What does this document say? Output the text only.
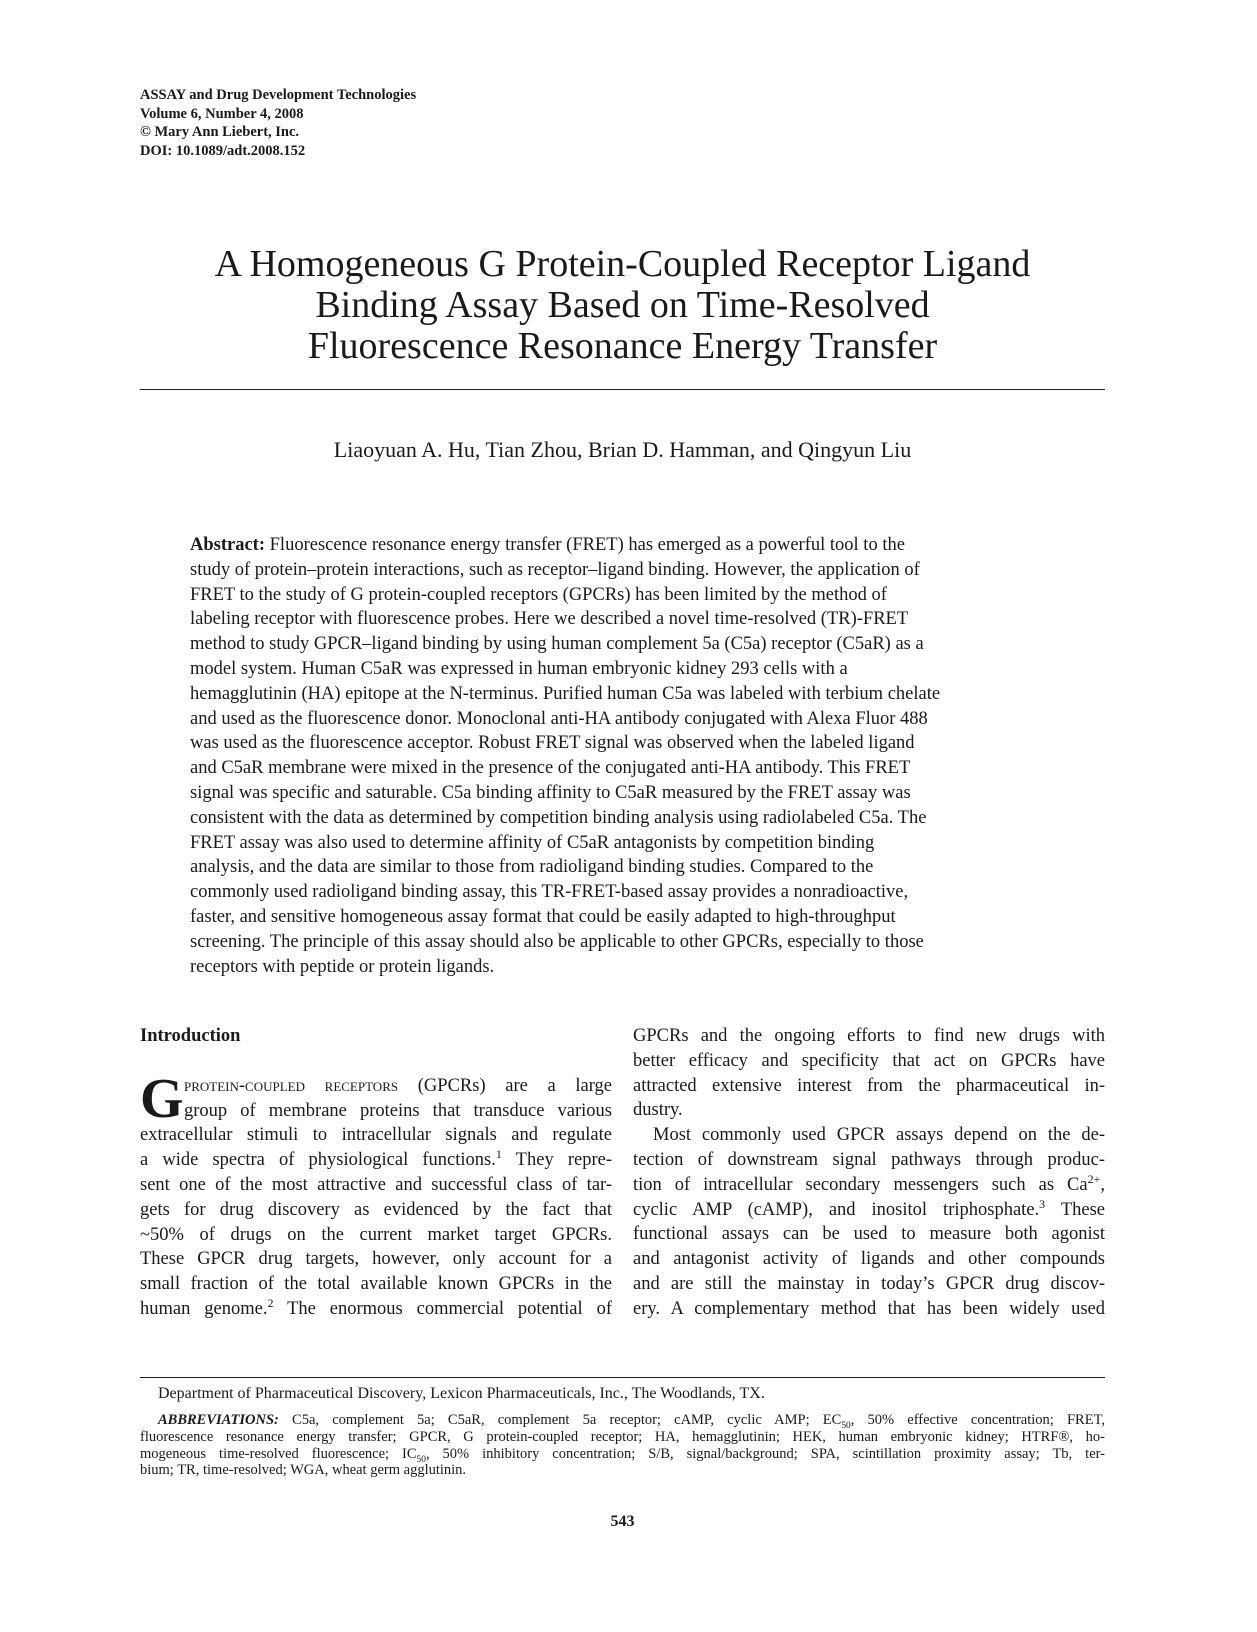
ASSAY and Drug Development Technologies
Volume 6, Number 4, 2008
© Mary Ann Liebert, Inc.
DOI: 10.1089/adt.2008.152
A Homogeneous G Protein-Coupled Receptor Ligand
Binding Assay Based on Time-Resolved
Fluorescence Resonance Energy Transfer
Liaoyuan A. Hu, Tian Zhou, Brian D. Hamman, and Qingyun Liu
Abstract: Fluorescence resonance energy transfer (FRET) has emerged as a powerful tool to the
study of protein–protein interactions, such as receptor–ligand binding. However, the application of
FRET to the study of G protein-coupled receptors (GPCRs) has been limited by the method of
labeling receptor with fluorescence probes. Here we described a novel time-resolved (TR)-FRET
method to study GPCR–ligand binding by using human complement 5a (C5a) receptor (C5aR) as a
model system. Human C5aR was expressed in human embryonic kidney 293 cells with a
hemagglutinin (HA) epitope at the N-terminus. Purified human C5a was labeled with terbium chelate
and used as the fluorescence donor. Monoclonal anti-HA antibody conjugated with Alexa Fluor 488
was used as the fluorescence acceptor. Robust FRET signal was observed when the labeled ligand
and C5aR membrane were mixed in the presence of the conjugated anti-HA antibody. This FRET
signal was specific and saturable. C5a binding affinity to C5aR measured by the FRET assay was
consistent with the data as determined by competition binding analysis using radiolabeled C5a. The
FRET assay was also used to determine affinity of C5aR antagonists by competition binding
analysis, and the data are similar to those from radioligand binding studies. Compared to the
commonly used radioligand binding assay, this TR-FRET-based assay provides a nonradioactive,
faster, and sensitive homogeneous assay format that could be easily adapted to high-throughput
screening. The principle of this assay should also be applicable to other GPCRs, especially to those
receptors with peptide or protein ligands.
Introduction
G protein-coupled receptors (GPCRs) are a large
group of membrane proteins that transduce various
extracellular stimuli to intracellular signals and regulate
a wide spectra of physiological functions.$^1$ They repre-
sent one of the most attractive and successful class of tar-
gets for drug discovery as evidenced by the fact that
~50% of drugs on the current market target GPCRs.
These GPCR drug targets, however, only account for a
small fraction of the total available known GPCRs in the
human genome.$^2$ The enormous commercial potential of
GPCRs and the ongoing efforts to find new drugs with
better efficacy and specificity that act on GPCRs have
attracted extensive interest from the pharmaceutical in-
dustry.
Most commonly used GPCR assays depend on the de-
tection of downstream signal pathways through produc-
tion of intracellular secondary messengers such as $Ca^{2+}$,
cyclic AMP (cAMP), and inositol triphosphate.$^3$ These
functional assays can be used to measure both agonist
and antagonist activity of ligands and other compounds
and are still the mainstay in today’s GPCR drug discov-
ery. A complementary method that has been widely used
Department of Pharmaceutical Discovery, Lexicon Pharmaceuticals, Inc., The Woodlands, TX.
ABBREVIATIONS: C5a, complement 5a; C5aR, complement 5a receptor; cAMP, cyclic AMP; $EC_{50}$, 50% effective concentration; FRET,
fluorescence resonance energy transfer; GPCR, G protein-coupled receptor; HA, hemagglutinin; HEK, human embryonic kidney; HTRF®, ho-
mogeneous time-resolved fluorescence; $IC_{50}$, 50% inhibitory concentration; S/B, signal/background; SPA, scintillation proximity assay; Tb, ter-
bium; TR, time-resolved; WGA, wheat germ agglutinin.
543
